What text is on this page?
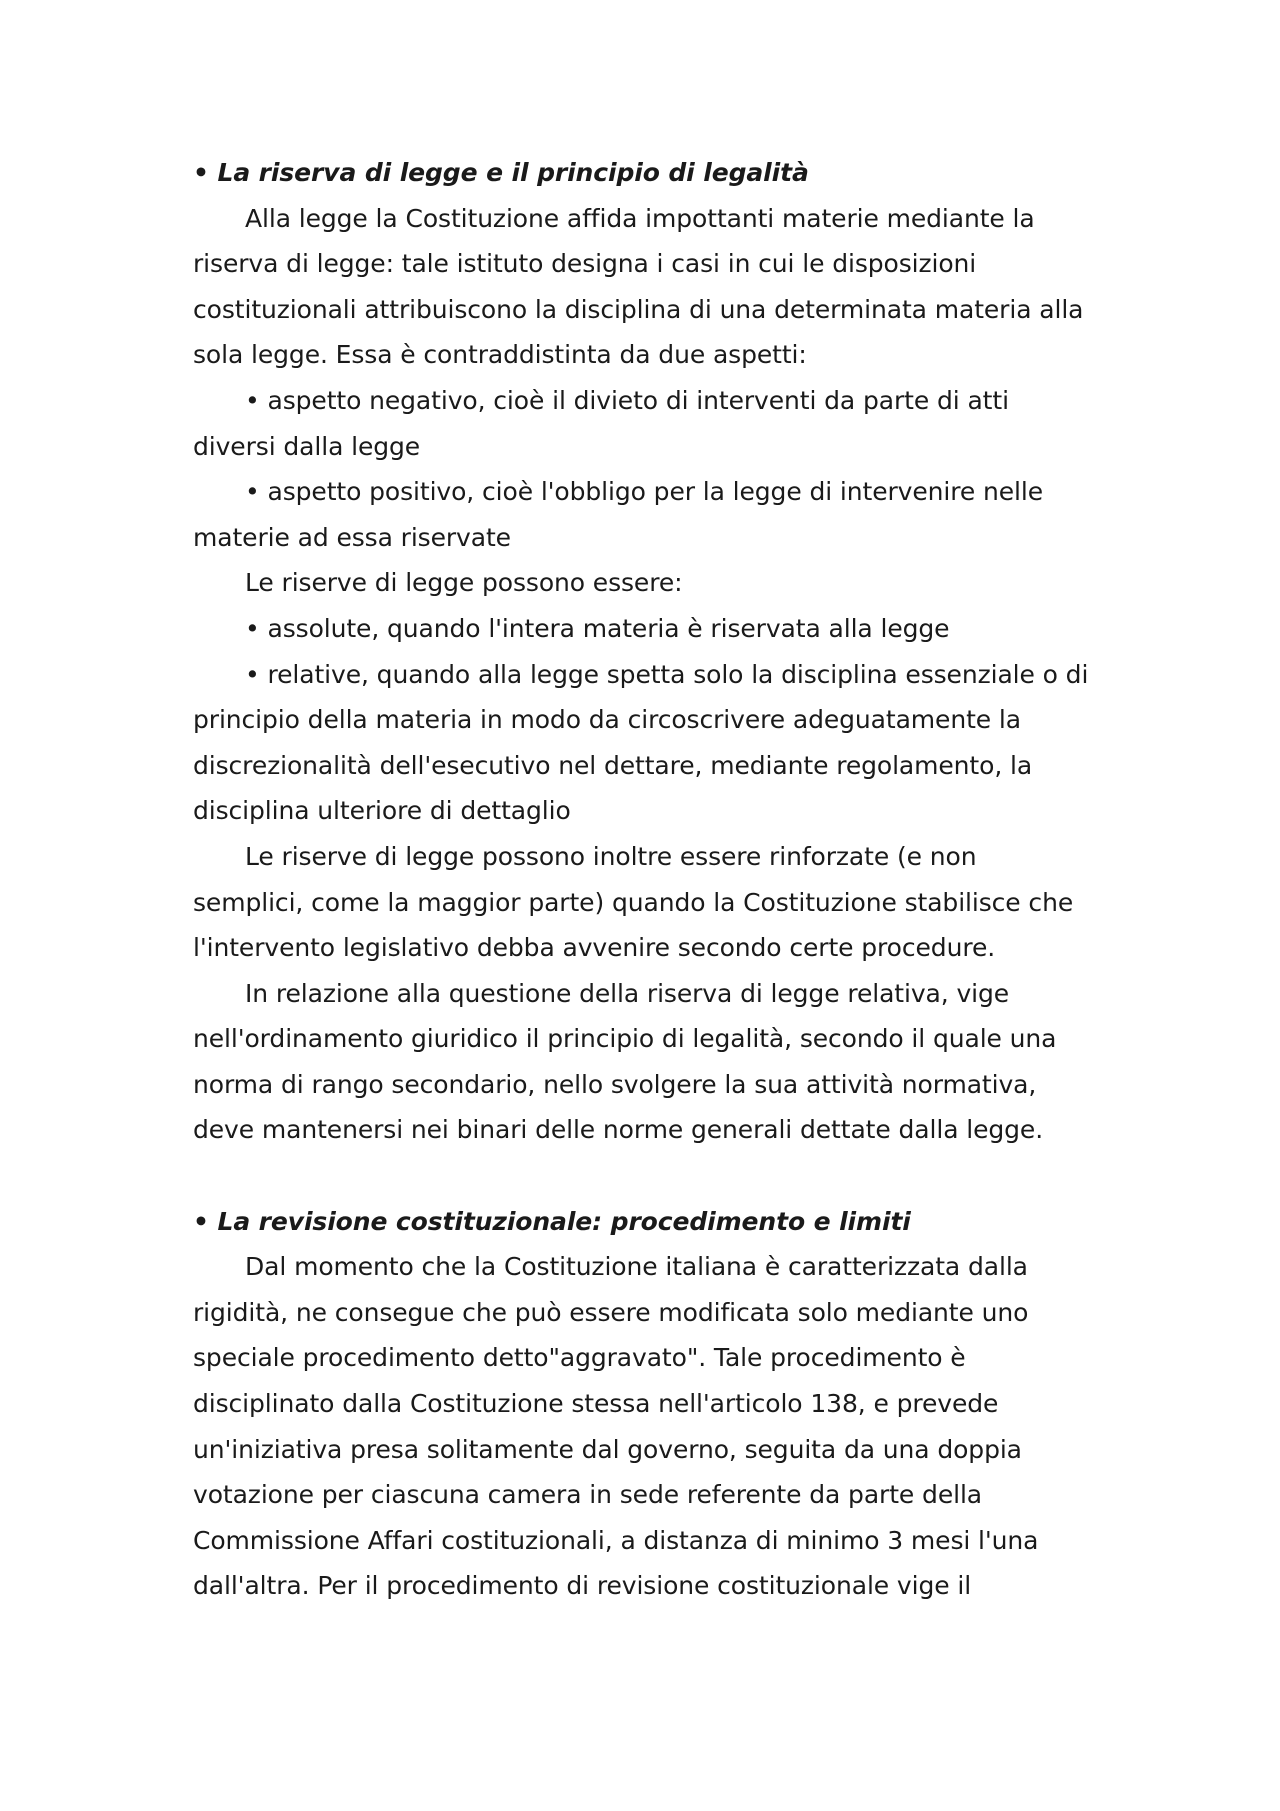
• La riserva di legge e il principio di legalità

Alla legge la Costituzione affida impottanti materie mediante la riserva di legge: tale istituto designa i casi in cui le disposizioni costituzionali attribuiscono la disciplina di una determinata materia alla sola legge. Essa è contraddistinta da due aspetti:

• aspetto negativo, cioè il divieto di interventi da parte di atti diversi dalla legge

• aspetto positivo, cioè l'obbligo per la legge di intervenire nelle materie ad essa riservate

Le riserve di legge possono essere:

• assolute, quando l'intera materia è riservata alla legge

• relative, quando alla legge spetta solo la disciplina essenziale o di principio della materia in modo da circoscrivere adeguatamente la discrezionalità dell'esecutivo nel dettare, mediante regolamento, la disciplina ulteriore di dettaglio

Le riserve di legge possono inoltre essere rinforzate (e non semplici, come la maggior parte) quando la Costituzione stabilisce che l'intervento legislativo debba avvenire secondo certe procedure.

In relazione alla questione della riserva di legge relativa, vige nell'ordinamento giuridico il principio di legalità, secondo il quale una norma di rango secondario, nello svolgere la sua attività normativa, deve mantenersi nei binari delle norme generali dettate dalla legge.

• La revisione costituzionale: procedimento e limiti

Dal momento che la Costituzione italiana è caratterizzata dalla rigidità, ne consegue che può essere modificata solo mediante uno speciale procedimento detto"aggravato". Tale procedimento è disciplinato dalla Costituzione stessa nell'articolo 138, e prevede un'iniziativa presa solitamente dal governo, seguita da una doppia votazione per ciascuna camera in sede referente da parte della Commissione Affari costituzionali, a distanza di minimo 3 mesi l'una dall'altra. Per il procedimento di revisione costituzionale vige il
